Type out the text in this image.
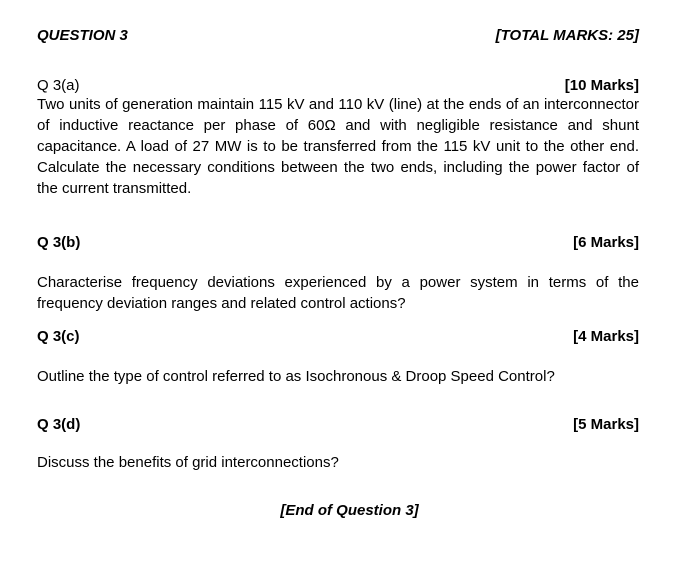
QUESTION 3	[TOTAL MARKS: 25]
Q 3(a)	[10 Marks]

Two units of generation maintain 115 kV and 110 kV (line) at the ends of an interconnector of inductive reactance per phase of 60Ω and with negligible resistance and shunt capacitance. A load of 27 MW is to be transferred from the 115 kV unit to the other end. Calculate the necessary conditions between the two ends, including the power factor of the current transmitted.

Q 3(b)	[6 Marks]

Characterise frequency deviations experienced by a power system in terms of the frequency deviation ranges and related control actions?

Q 3(c)	[4 Marks]

Outline the type of control referred to as Isochronous & Droop Speed Control?

Q 3(d)	[5 Marks]

Discuss the benefits of grid interconnections?

[End of Question 3]
